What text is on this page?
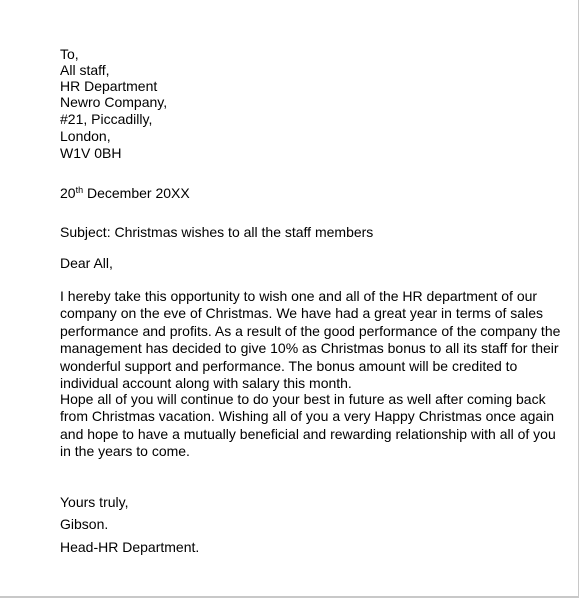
To,
All staff,
HR Department
Newro Company,
#21, Piccadilly,
London,
W1V 0BH
20th December 20XX
Subject: Christmas wishes to all the staff members
Dear All,
I hereby take this opportunity to wish one and all of the HR department of our
company on the eve of Christmas. We have had a great year in terms of sales
performance and profits. As a result of the good performance of the company the
management has decided to give 10% as Christmas bonus to all its staff for their
wonderful support and performance. The bonus amount will be credited to
individual account along with salary this month.
Hope all of you will continue to do your best in future as well after coming back
from Christmas vacation. Wishing all of you a very Happy Christmas once again
and hope to have a mutually beneficial and rewarding relationship with all of you
in the years to come.
Yours truly,
Gibson.
Head-HR Department.
